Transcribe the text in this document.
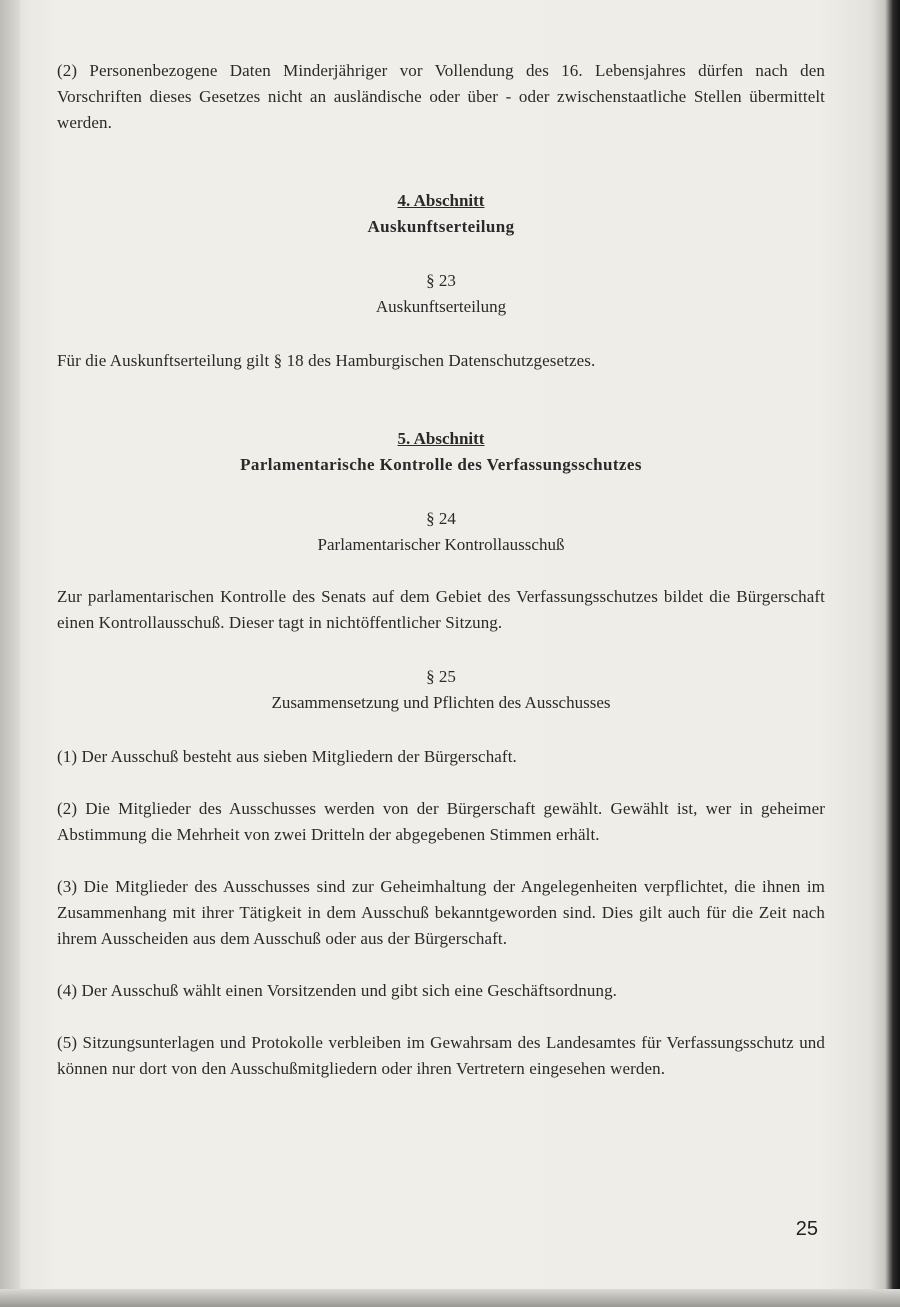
(2) Personenbezogene Daten Minderjähriger vor Vollendung des 16. Lebensjahres dürfen nach den Vorschriften dieses Gesetzes nicht an ausländische oder über - oder zwischenstaatliche Stellen übermittelt werden.

4. Abschnitt

Auskunftserteilung

§ 23

Auskunftserteilung

Für die Auskunftserteilung gilt § 18 des Hamburgischen Datenschutzgesetzes.

5. Abschnitt

Parlamentarische Kontrolle des Verfassungsschutzes

§ 24

Parlamentarischer Kontrollausschuß

Zur parlamentarischen Kontrolle des Senats auf dem Gebiet des Verfassungsschutzes bildet die Bürgerschaft einen Kontrollausschuß. Dieser tagt in nichtöffentlicher Sitzung.

§ 25

Zusammensetzung und Pflichten des Ausschusses

(1) Der Ausschuß besteht aus sieben Mitgliedern der Bürgerschaft.

(2) Die Mitglieder des Ausschusses werden von der Bürgerschaft gewählt. Gewählt ist, wer in geheimer Abstimmung die Mehrheit von zwei Dritteln der abgegebenen Stimmen erhält.

(3) Die Mitglieder des Ausschusses sind zur Geheimhaltung der Angelegenheiten verpflichtet, die ihnen im Zusammenhang mit ihrer Tätigkeit in dem Ausschuß bekanntgeworden sind. Dies gilt auch für die Zeit nach ihrem Ausscheiden aus dem Ausschuß oder aus der Bürgerschaft.

(4) Der Ausschuß wählt einen Vorsitzenden und gibt sich eine Geschäftsordnung.

(5) Sitzungsunterlagen und Protokolle verbleiben im Gewahrsam des Landesamtes für Verfassungsschutz und können nur dort von den Ausschußmitgliedern oder ihren Vertretern eingesehen werden.

25
